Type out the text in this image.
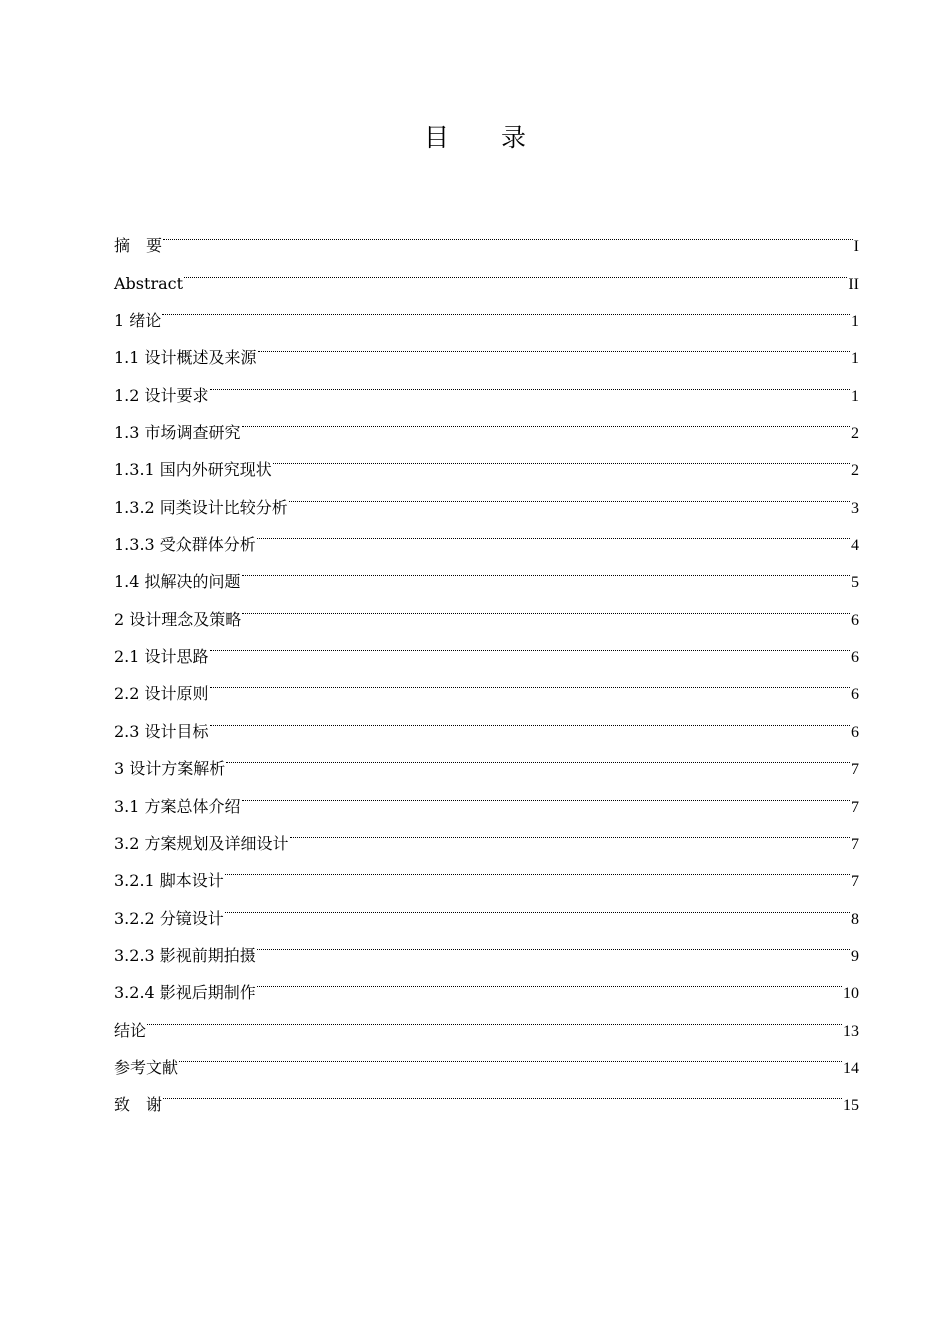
目 录
摘　要	I
Abstract	II
1 绪论	1
1.1 设计概述及来源	1
1.2 设计要求	1
1.3 市场调查研究	2
1.3.1 国内外研究现状	2
1.3.2 同类设计比较分析	3
1.3.3 受众群体分析	4
1.4 拟解决的问题	5
2 设计理念及策略	6
2.1 设计思路	6
2.2 设计原则	6
2.3 设计目标	6
3 设计方案解析	7
3.1 方案总体介绍	7
3.2 方案规划及详细设计	7
3.2.1 脚本设计	7
3.2.2 分镜设计	8
3.2.3 影视前期拍摄	9
3.2.4 影视后期制作	10
结论	13
参考文献	14
致　谢	15
